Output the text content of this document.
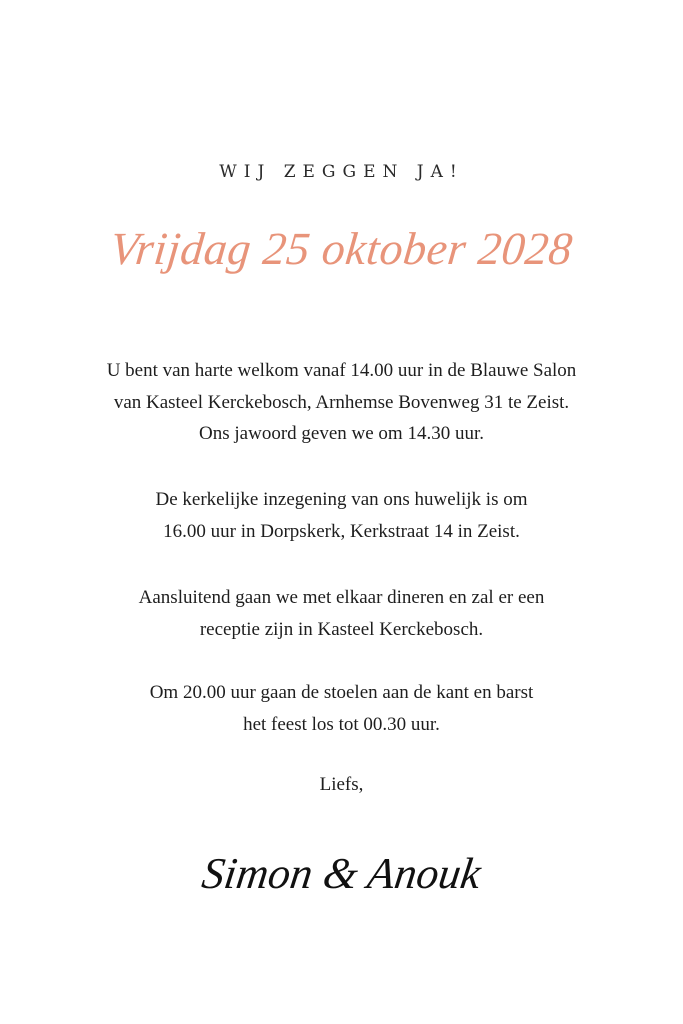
WIJ ZEGGEN JA!
Vrijdag 25 oktober 2028
U bent van harte welkom vanaf 14.00 uur in de Blauwe Salon
van Kasteel Kerckebosch, Arnhemse Bovenweg 31 te Zeist.
Ons jawoord geven we om 14.30 uur.
De kerkelijke inzegening van ons huwelijk is om
16.00 uur in Dorpskerk, Kerkstraat 14 in Zeist.
Aansluitend gaan we met elkaar dineren en zal er een
receptie zijn in Kasteel Kerckebosch.
Om 20.00 uur gaan de stoelen aan de kant en barst
het feest los tot 00.30 uur.
Liefs,
Simon & Anouk
